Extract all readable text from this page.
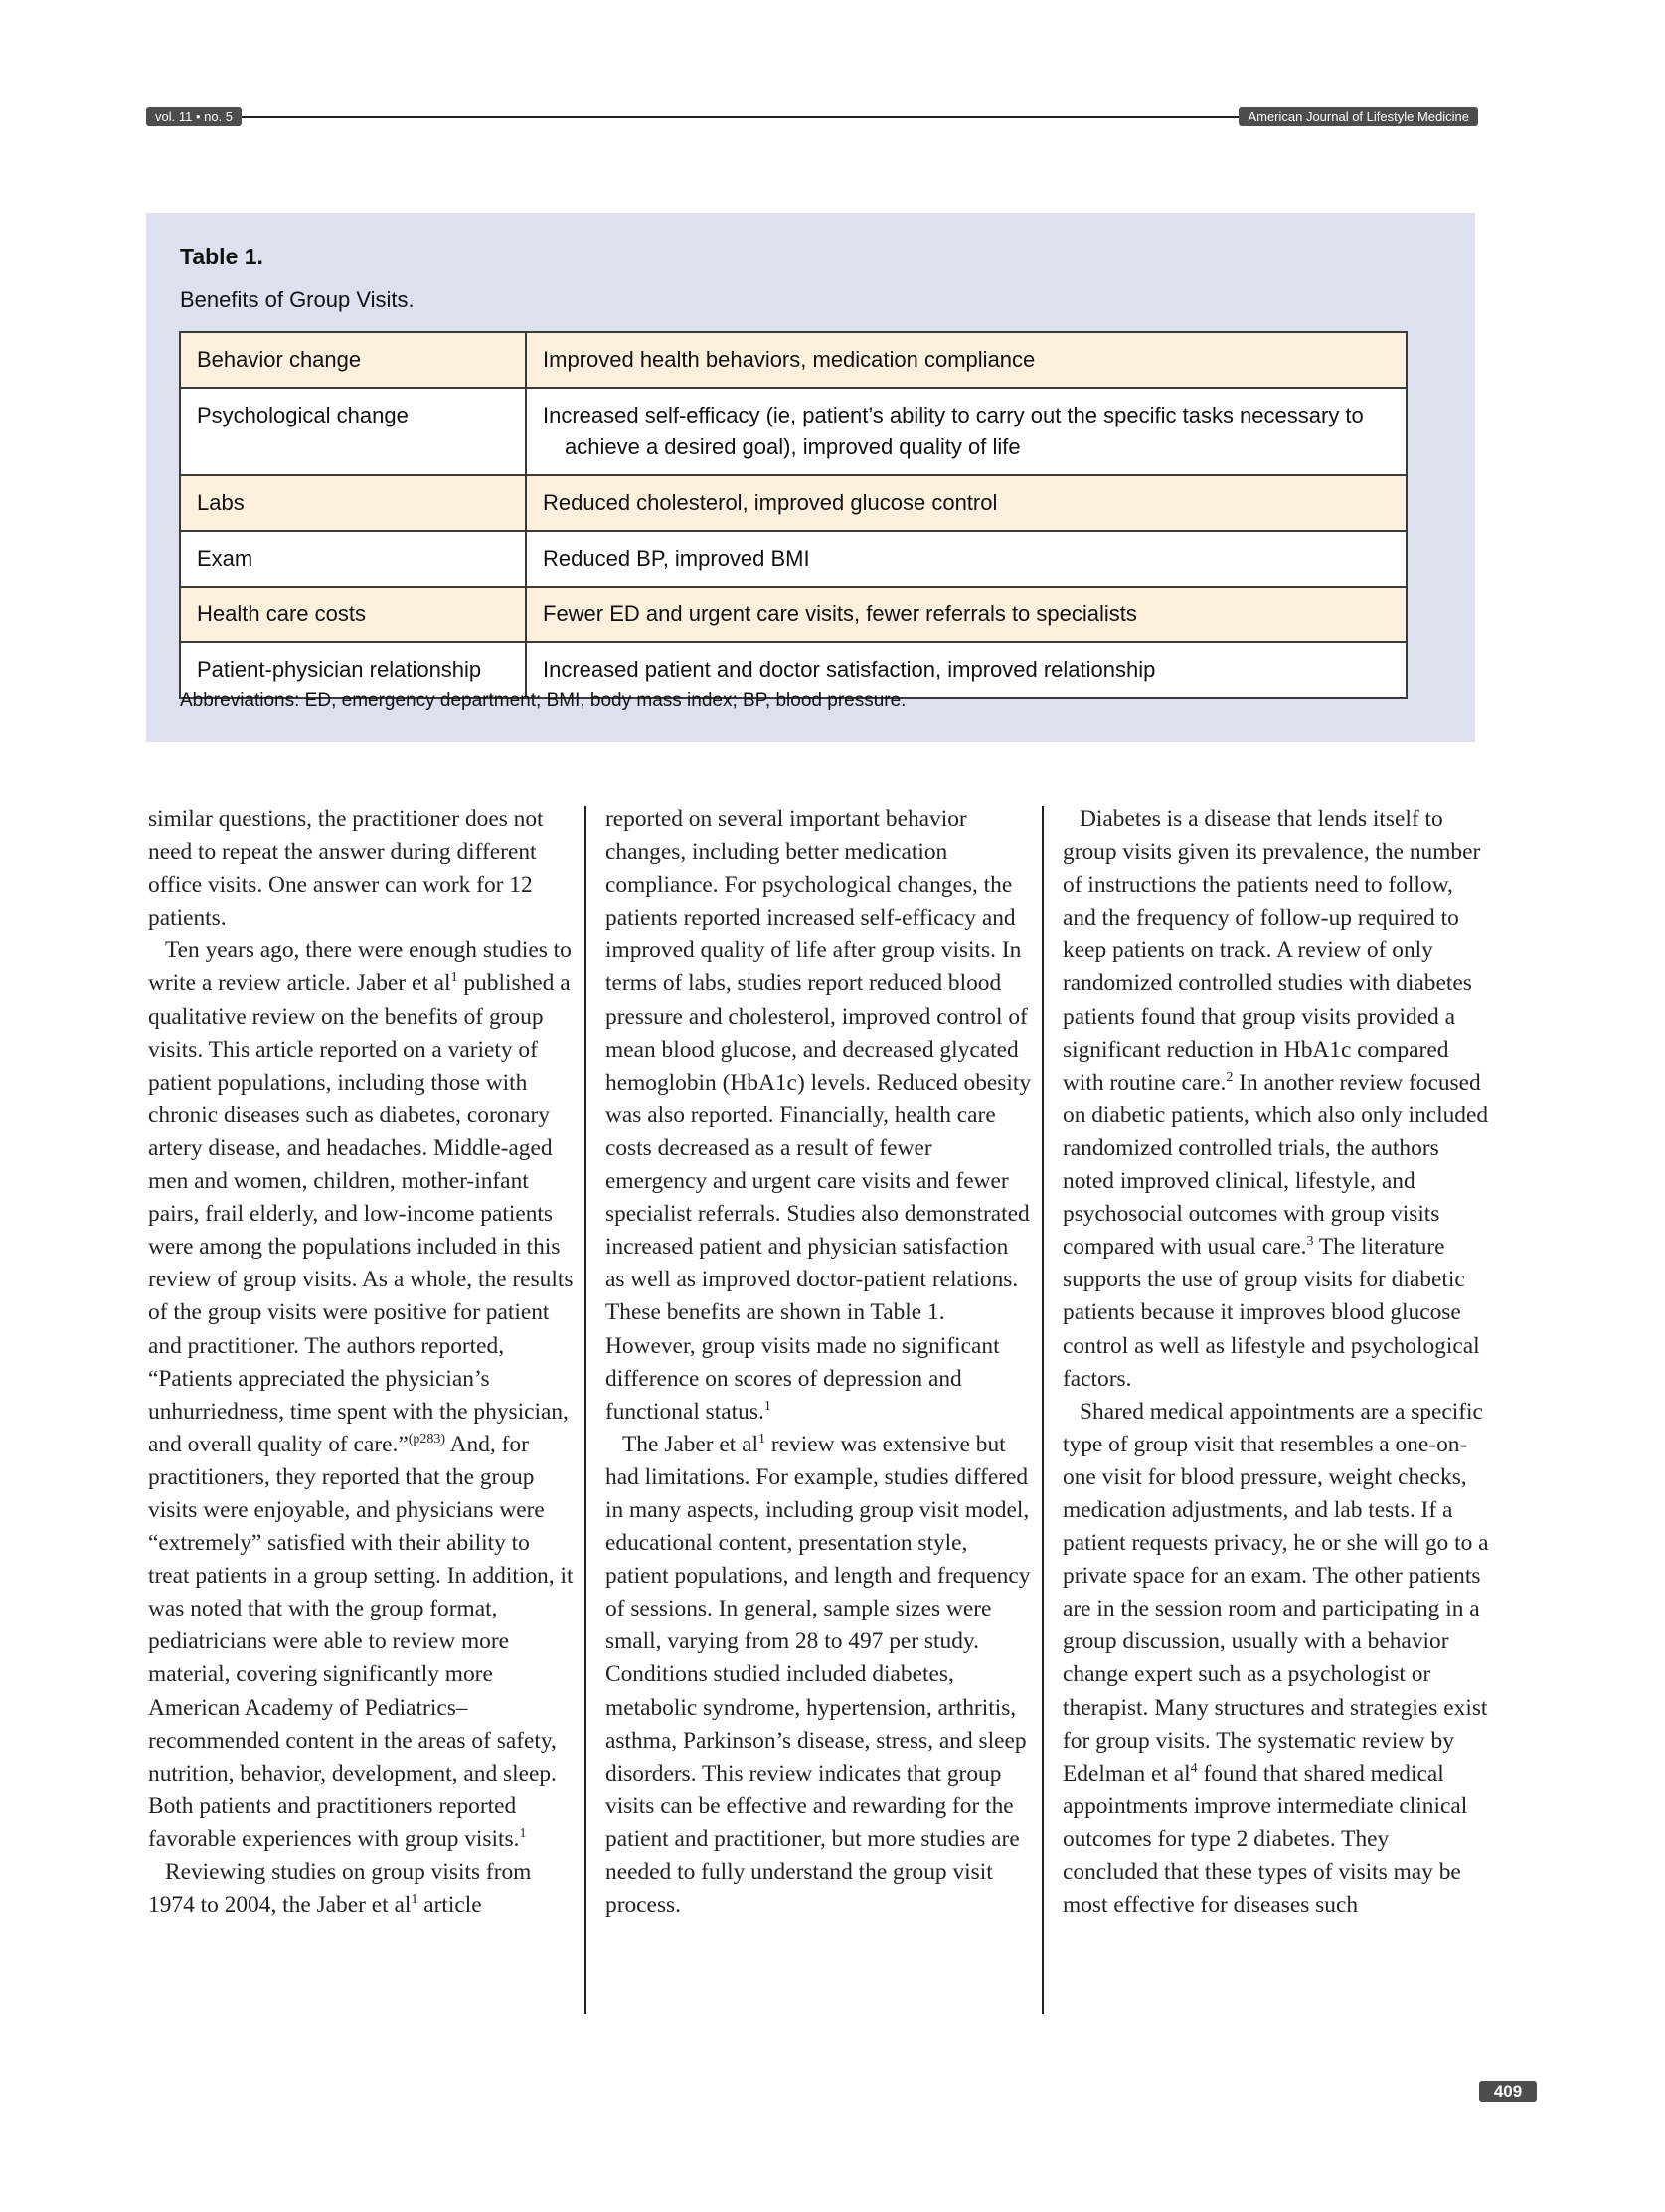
vol. 11 • no. 5	American Journal of Lifestyle Medicine
Table 1.
Benefits of Group Visits.
Behavior change	Improved health behaviors, medication compliance
Psychological change	Increased self-efficacy (ie, patient’s ability to carry out the specific tasks necessary to
achieve a desired goal), improved quality of life

Labs	Reduced cholesterol, improved glucose control
Exam	Reduced BP, improved BMI
Health care costs	Fewer ED and urgent care visits, fewer referrals to specialists
Patient-physician relationship	Increased patient and doctor satisfaction, improved relationship
Abbreviations: ED, emergency department; BMI, body mass index; BP, blood pressure.

similar questions, the practitioner does not need to repeat the answer during different office visits. One answer can work for 12 patients.

Ten years ago, there were enough studies to write a review article. Jaber et $al^1$ published a qualitative review on the benefits of group visits. This article reported on a variety of patient populations, including those with chronic diseases such as diabetes, coronary artery disease, and headaches. Middle-aged men and women, children, mother-infant pairs, frail elderly, and low-income patients were among the populations included in this review of group visits. As a whole, the results of the group visits were positive for patient and practitioner. The authors reported, “Patients appreciated the physician’s unhurriedness, time spent with the physician, and overall quality of care.”$^{(p283)}$ And, for practitioners, they reported that the group visits were enjoyable, and physicians were “extremely” satisfied with their ability to treat patients in a group setting. In addition, it was noted that with the group format, pediatricians were able to review more material, covering significantly more American Academy of Pediatrics–recommended content in the areas of safety, nutrition, behavior, development, and sleep. Both patients and practitioners reported favorable experiences with group visits.$^1$

Reviewing studies on group visits from 1974 to 2004, the Jaber et $al^1$ article

reported on several important behavior changes, including better medication compliance. For psychological changes, the patients reported increased self-efficacy and improved quality of life after group visits. In terms of labs, studies report reduced blood pressure and cholesterol, improved control of mean blood glucose, and decreased glycated hemoglobin (HbA1c) levels. Reduced obesity was also reported. Financially, health care costs decreased as a result of fewer emergency and urgent care visits and fewer specialist referrals. Studies also demonstrated increased patient and physician satisfaction as well as improved doctor-patient relations. These benefits are shown in Table 1. However, group visits made no significant difference on scores of depression and functional status.$^1$

The Jaber et $al^1$ review was extensive but had limitations. For example, studies differed in many aspects, including group visit model, educational content, presentation style, patient populations, and length and frequency of sessions. In general, sample sizes were small, varying from 28 to 497 per study. Conditions studied included diabetes, metabolic syndrome, hypertension, arthritis, asthma, Parkinson’s disease, stress, and sleep disorders. This review indicates that group visits can be effective and rewarding for the patient and practitioner, but more studies are needed to fully understand the group visit process.

Diabetes is a disease that lends itself to group visits given its prevalence, the number of instructions the patients need to follow, and the frequency of follow-up required to keep patients on track. A review of only randomized controlled studies with diabetes patients found that group visits provided a significant reduction in HbA1c compared with routine care.$^2$ In another review focused on diabetic patients, which also only included randomized controlled trials, the authors noted improved clinical, lifestyle, and psychosocial outcomes with group visits compared with usual care.$^3$ The literature supports the use of group visits for diabetic patients because it improves blood glucose control as well as lifestyle and psychological factors.

Shared medical appointments are a specific type of group visit that resembles a one-on-one visit for blood pressure, weight checks, medication adjustments, and lab tests. If a patient requests privacy, he or she will go to a private space for an exam. The other patients are in the session room and participating in a group discussion, usually with a behavior change expert such as a psychologist or therapist. Many structures and strategies exist for group visits. The systematic review by Edelman et $al^4$ found that shared medical appointments improve intermediate clinical outcomes for type 2 diabetes. They concluded that these types of visits may be most effective for diseases such

409
